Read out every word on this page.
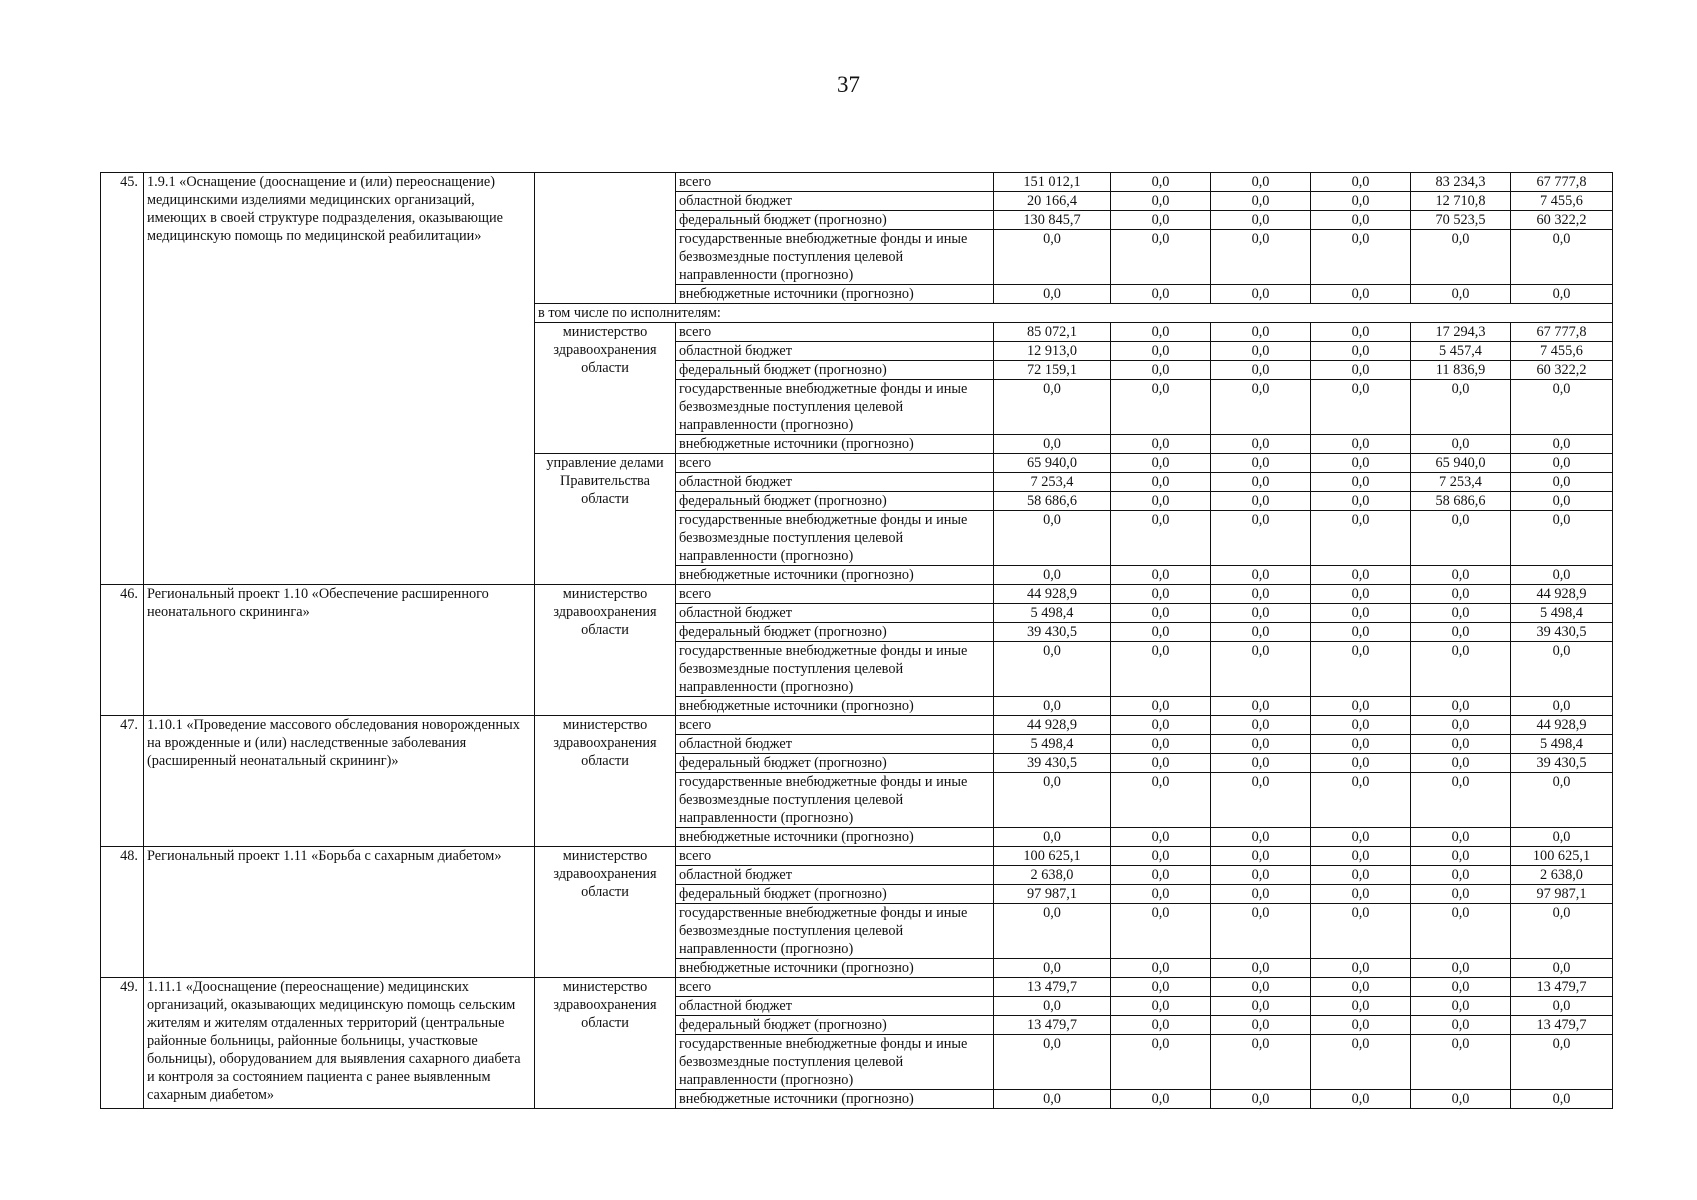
37
45.	1.9.1 «Оснащение (дооснащение и (или) переоснащение) медицинскими изделиями медицинских организаций, имеющих в своей структуре подразделения, оказывающие медицинскую помощь по медицинской реабилитации»		всего	151 012,1	0,0	0,0	0,0	83 234,3	67 777,8
			областной бюджет	20 166,4	0,0	0,0	0,0	12 710,8	7 455,6
			федеральный бюджет (прогнозно)	130 845,7	0,0	0,0	0,0	70 523,5	60 322,2
			государственные внебюджетные фонды и иные безвозмездные поступления целевой направленности (прогнозно)	0,0	0,0	0,0	0,0	0,0	0,0
			внебюджетные источники (прогнозно)	0,0	0,0	0,0	0,0	0,0	0,0
		в том числе по исполнителям:							
		министерство здравоохранения области	всего	85 072,1	0,0	0,0	0,0	17 294,3	67 777,8
			областной бюджет	12 913,0	0,0	0,0	0,0	5 457,4	7 455,6
			федеральный бюджет (прогнозно)	72 159,1	0,0	0,0	0,0	11 836,9	60 322,2
			государственные внебюджетные фонды и иные безвозмездные поступления целевой направленности (прогнозно)	0,0	0,0	0,0	0,0	0,0	0,0
			внебюджетные источники (прогнозно)	0,0	0,0	0,0	0,0	0,0	0,0
		управление делами Правительства области	всего	65 940,0	0,0	0,0	0,0	65 940,0	0,0
			областной бюджет	7 253,4	0,0	0,0	0,0	7 253,4	0,0
			федеральный бюджет (прогнозно)	58 686,6	0,0	0,0	0,0	58 686,6	0,0
			государственные внебюджетные фонды и иные безвозмездные поступления целевой направленности (прогнозно)	0,0	0,0	0,0	0,0	0,0	0,0
			внебюджетные источники (прогнозно)	0,0	0,0	0,0	0,0	0,0	0,0
46.	Региональный проект 1.10 «Обеспечение расширенного неонатального скрининга»	министерство здравоохранения области	всего	44 928,9	0,0	0,0	0,0	0,0	44 928,9
			областной бюджет	5 498,4	0,0	0,0	0,0	0,0	5 498,4
			федеральный бюджет (прогнозно)	39 430,5	0,0	0,0	0,0	0,0	39 430,5
			государственные внебюджетные фонды и иные безвозмездные поступления целевой направленности (прогнозно)	0,0	0,0	0,0	0,0	0,0	0,0
			внебюджетные источники (прогнозно)	0,0	0,0	0,0	0,0	0,0	0,0
47.	1.10.1 «Проведение массового обследования новорожденных на врожденные и (или) наследственные заболевания (расширенный неонатальный скрининг)»	министерство здравоохранения области	всего	44 928,9	0,0	0,0	0,0	0,0	44 928,9
			областной бюджет	5 498,4	0,0	0,0	0,0	0,0	5 498,4
			федеральный бюджет (прогнозно)	39 430,5	0,0	0,0	0,0	0,0	39 430,5
			государственные внебюджетные фонды и иные безвозмездные поступления целевой направленности (прогнозно)	0,0	0,0	0,0	0,0	0,0	0,0
			внебюджетные источники (прогнозно)	0,0	0,0	0,0	0,0	0,0	0,0
48.	Региональный проект 1.11 «Борьба с сахарным диабетом»	министерство здравоохранения области	всего	100 625,1	0,0	0,0	0,0	0,0	100 625,1
			областной бюджет	2 638,0	0,0	0,0	0,0	0,0	2 638,0
			федеральный бюджет (прогнозно)	97 987,1	0,0	0,0	0,0	0,0	97 987,1
			государственные внебюджетные фонды и иные безвозмездные поступления целевой направленности (прогнозно)	0,0	0,0	0,0	0,0	0,0	0,0
			внебюджетные источники (прогнозно)	0,0	0,0	0,0	0,0	0,0	0,0
49.	1.11.1 «Дооснащение (переоснащение) медицинских организаций, оказывающих медицинскую помощь сельским жителям и жителям отдаленных территорий (центральные районные больницы, районные больницы, участковые больницы), оборудованием для выявления сахарного диабета и контроля за состоянием пациента с ранее выявленным сахарным диабетом»	министерство здравоохранения области	всего	13 479,7	0,0	0,0	0,0	0,0	13 479,7
			областной бюджет	0,0	0,0	0,0	0,0	0,0	0,0
			федеральный бюджет (прогнозно)	13 479,7	0,0	0,0	0,0	0,0	13 479,7
			государственные внебюджетные фонды и иные безвозмездные поступления целевой направленности (прогнозно)	0,0	0,0	0,0	0,0	0,0	0,0
			внебюджетные источники (прогнозно)	0,0	0,0	0,0	0,0	0,0	0,0
